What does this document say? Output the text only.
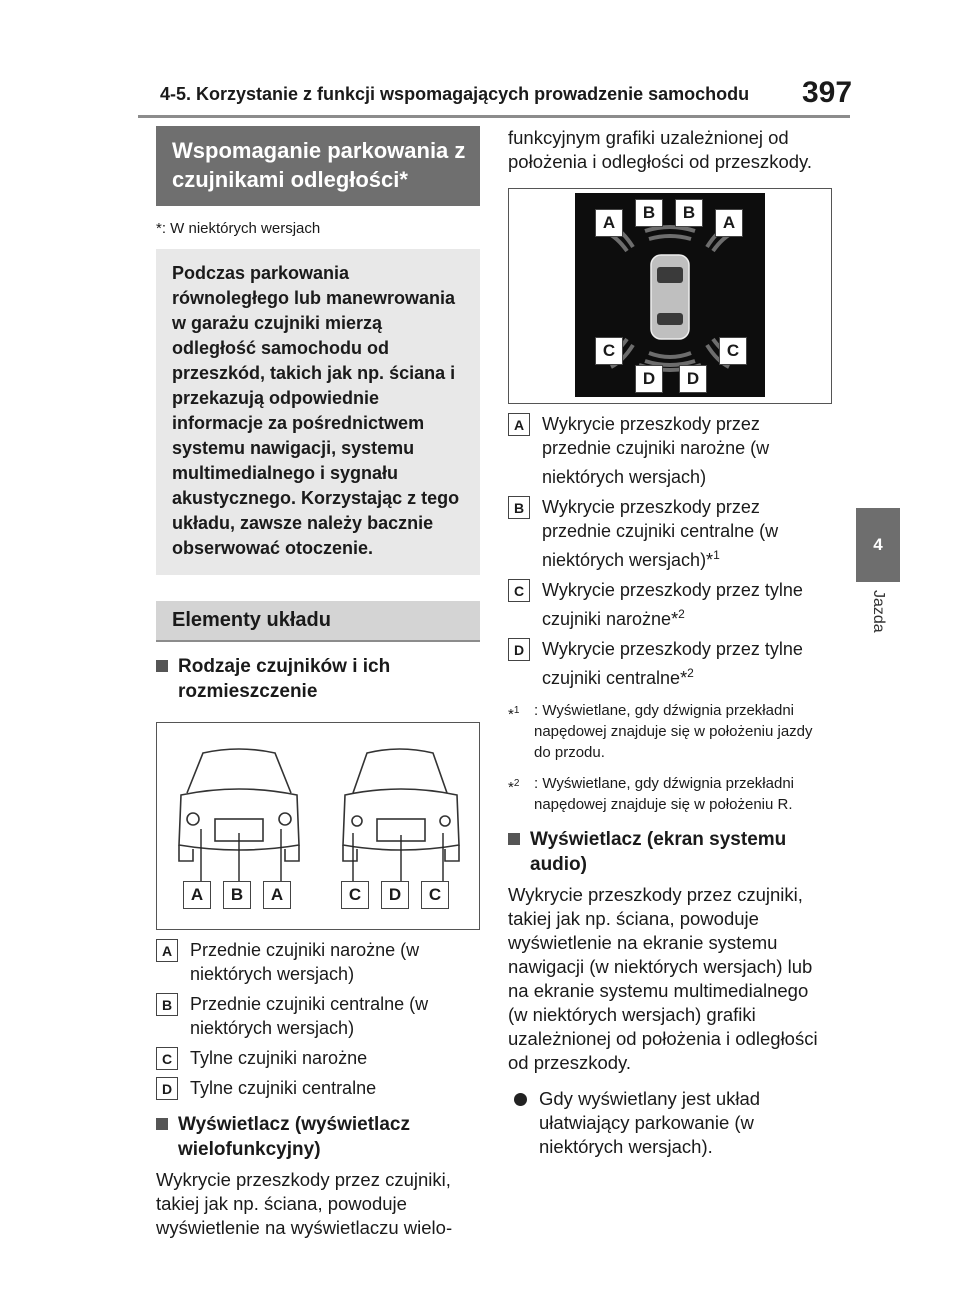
4-5. Korzystanie z funkcji wspomagających prowadzenie samochodu 397
4
Jazda
Wspomaganie parkowania z czujnikami odległości*
*: W niektórych wersjach
Podczas parkowania równoległego lub manewrowania w garażu czujniki mierzą odległość samochodu od przeszkód, takich jak np. ściana i przekazują odpowiednie informacje za pośrednictwem systemu nawigacji, systemu multimedialnego i sygnału akustycznego. Korzystając z tego układu, zawsze należy bacznie obserwować otoczenie.
Elementy układu
Rodzaje czujników i ich rozmieszczenie
A	B	A	C	D	C
A Przednie czujniki narożne (w niektórych wersjach)
B Przednie czujniki centralne (w niektórych wersjach)
C Tylne czujniki narożne
D Tylne czujniki centralne
Wyświetlacz (wyświetlacz wielofunkcyjny)
Wykrycie przeszkody przez czujniki, takiej jak np. ściana, powoduje wyświetlenie na wyświetlaczu wielo-
funkcyjnym grafiki uzależnionej od położenia i odległości od przeszkody.
A
B	B
A
C	C
D	D
A Wykrycie przeszkody przez przednie czujniki narożne (w niektórych wersjach)
B Wykrycie przeszkody przez przednie czujniki centralne (w niektórych wersjach)*$^1$
C Wykrycie przeszkody przez tylne czujniki narożne*$^2$
D Wykrycie przeszkody przez tylne czujniki centralne*$^2$
*$^1$ : Wyświetlane, gdy dźwignia przekładni napędowej znajduje się w położeniu jazdy do przodu.
*$^2$ : Wyświetlane, gdy dźwignia przekładni napędowej znajduje się w położeniu R.
Wyświetlacz (ekran systemu audio)
Wykrycie przeszkody przez czujniki, takiej jak np. ściana, powoduje wyświetlenie na ekranie systemu nawigacji (w niektórych wersjach) lub na ekranie systemu multimedialnego (w niektórych wersjach) grafiki uzależnionej od położenia i odległości od przeszkody.
Gdy wyświetlany jest układ ułatwiający parkowanie (w niektórych wersjach).
